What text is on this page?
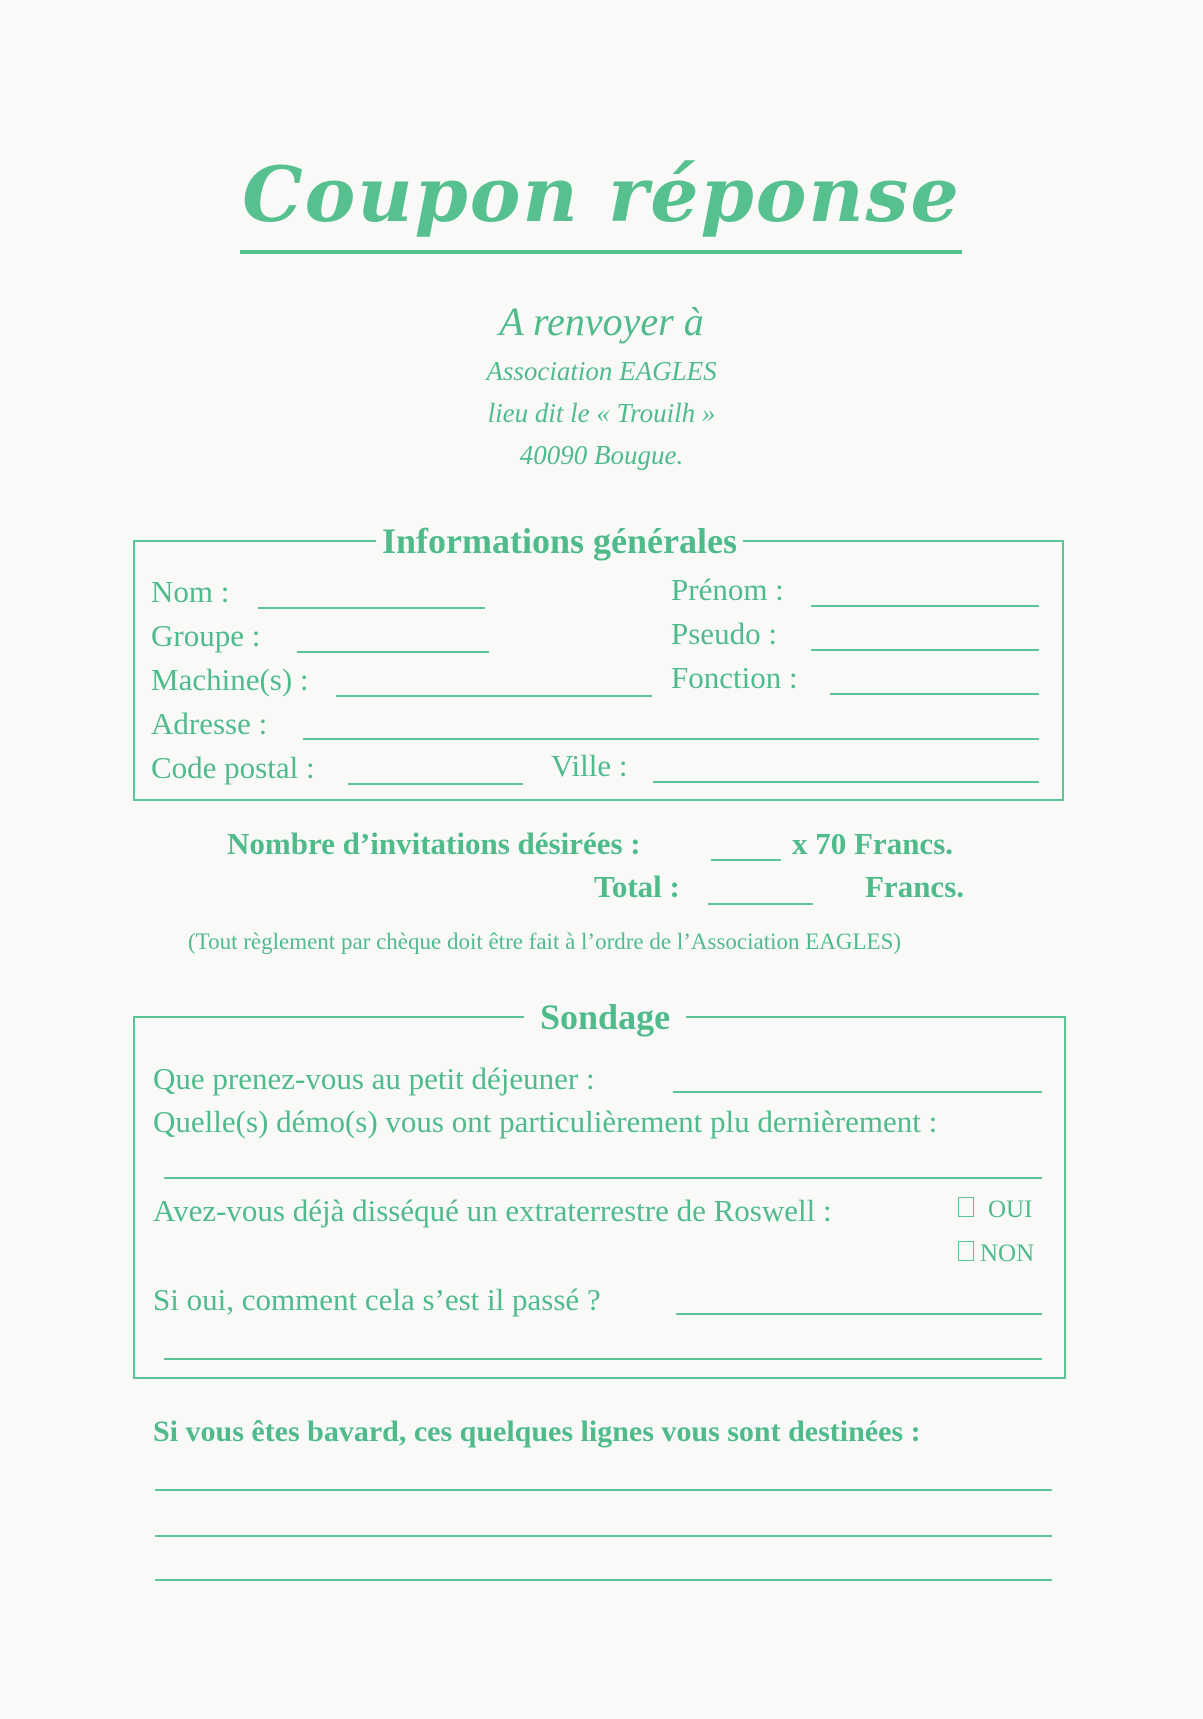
Coupon réponse
A renvoyer à
Association EAGLES
lieu dit le « Trouilh »
40090 Bougue.
Informations générales
Nom :	Prénom :
Groupe :	Pseudo :
Machine(s) :	Fonction :
Adresse :
Code postal :	Ville :
Nombre d’invitations désirées :	x 70 Francs.
Total :	Francs.
(Tout règlement par chèque doit être fait à l’ordre de l’Association EAGLES)
Sondage
Que prenez-vous au petit déjeuner :
Quelle(s) démo(s) vous ont particulièrement plu dernièrement :
Avez-vous déjà disséqué un extraterrestre de Roswell :	OUI
NON
Si oui, comment cela s’est il passé ?
Si vous êtes bavard, ces quelques lignes vous sont destinées :
